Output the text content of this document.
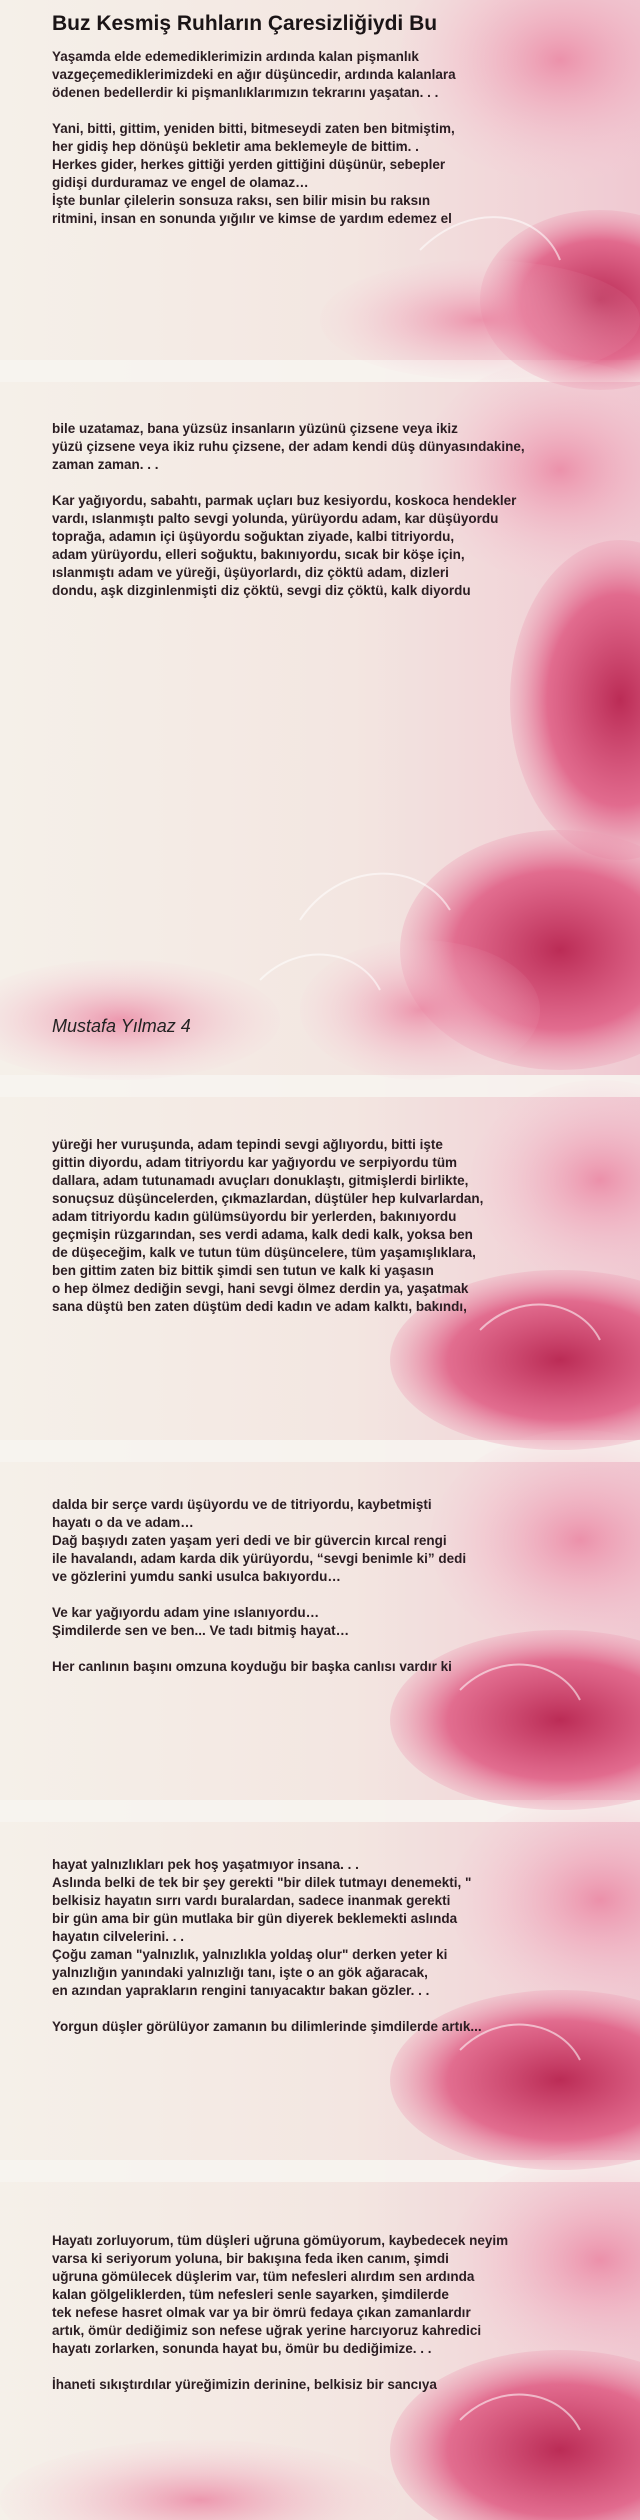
Buz Kesmiş Ruhların Çaresizliğiydi Bu
Yaşamda elde edemediklerimizin ardında kalan pişmanlık
vazgeçemediklerimizdeki en ağır düşüncedir, ardında kalanlara
ödenen bedellerdir ki pişmanlıklarımızın tekrarını yaşatan. . .
Yani, bitti, gittim, yeniden bitti, bitmeseydi zaten ben bitmiştim,
her gidiş hep dönüşü bekletir ama beklemeyle de bittim. .
Herkes gider, herkes gittiği yerden gittiğini düşünür, sebepler
gidişi durduramaz ve engel de olamaz…
İşte bunlar çilelerin sonsuza raksı, sen bilir misin bu raksın
ritmini, insan en sonunda yığılır ve kimse de yardım edemez el
bile uzatamaz, bana yüzsüz insanların yüzünü çizsene veya ikiz
yüzü çizsene veya ikiz ruhu çizsene, der adam kendi düş dünyasındakine,
zaman zaman. . .
Kar yağıyordu, sabahtı, parmak uçları buz kesiyordu, koskoca hendekler
vardı, ıslanmıştı palto sevgi yolunda, yürüyordu adam, kar düşüyordu
toprağa, adamın içi üşüyordu soğuktan ziyade, kalbi titriyordu,
adam yürüyordu, elleri soğuktu, bakınıyordu, sıcak bir köşe için,
ıslanmıştı adam ve yüreği, üşüyorlardı, diz çöktü adam, dizleri
dondu, aşk dizginlenmişti diz çöktü, sevgi diz çöktü, kalk diyordu
Mustafa Yılmaz 4
yüreği her vuruşunda, adam tepindi sevgi ağlıyordu, bitti işte
gittin diyordu, adam titriyordu kar yağıyordu ve serpiyordu tüm
dallara, adam tutunamadı avuçları donuklaştı, gitmişlerdi birlikte,
sonuçsuz düşüncelerden, çıkmazlardan, düştüler hep kulvarlardan,
adam titriyordu kadın gülümsüyordu bir yerlerden, bakınıyordu
geçmişin rüzgarından, ses verdi adama, kalk dedi kalk, yoksa ben
de düşeceğim, kalk ve tutun tüm düşüncelere, tüm yaşamışlıklara,
ben gittim zaten biz bittik şimdi sen tutun ve kalk ki yaşasın
o hep ölmez dediğin sevgi, hani sevgi ölmez derdin ya, yaşatmak
sana düştü ben zaten düştüm dedi kadın ve adam kalktı, bakındı,
dalda bir serçe vardı üşüyordu ve de titriyordu, kaybetmişti
hayatı o da ve adam…
Dağ başıydı zaten yaşam yeri dedi ve bir güvercin kırcal rengi
ile havalandı, adam karda dik yürüyordu, “sevgi benimle ki” dedi
ve gözlerini yumdu sanki usulca bakıyordu…
Ve kar yağıyordu adam yine ıslanıyordu…
Şimdilerde sen ve ben... Ve tadı bitmiş hayat…
Her canlının başını omzuna koyduğu bir başka canlısı vardır ki
hayat yalnızlıkları pek hoş yaşatmıyor insana. . .
Aslında belki de tek bir şey gerekti "bir dilek tutmayı denemekti, "
belkisiz hayatın sırrı vardı buralardan, sadece inanmak gerekti
bir gün ama bir gün mutlaka bir gün diyerek beklemekti aslında
hayatın cilvelerini. . .
Çoğu zaman "yalnızlık, yalnızlıkla yoldaş olur" derken yeter ki
yalnızlığın yanındaki yalnızlığı tanı, işte o an gök ağaracak,
en azından yaprakların rengini tanıyacaktır bakan gözler. . .
Yorgun düşler görülüyor zamanın bu dilimlerinde şimdilerde artık...
Hayatı zorluyorum, tüm düşleri uğruna gömüyorum, kaybedecek neyim
varsa ki seriyorum yoluna, bir bakışına feda iken canım, şimdi
uğruna gömülecek düşlerim var, tüm nefesleri alırdım sen ardında
kalan gölgeliklerden, tüm nefesleri senle sayarken, şimdilerde
tek nefese hasret olmak var ya bir ömrü fedaya çıkan zamanlardır
artık, ömür dediğimiz son nefese uğrak yerine harcıyoruz kahredici
hayatı zorlarken, sonunda hayat bu, ömür bu dediğimize. . .
İhaneti sıkıştırdılar yüreğimizin derinine, belkisiz bir sancıya
